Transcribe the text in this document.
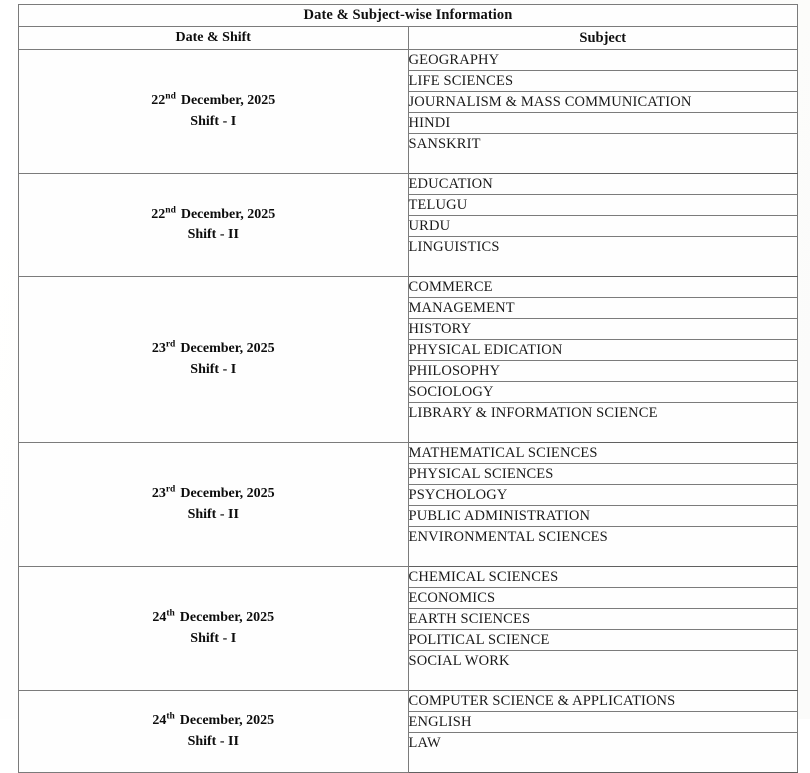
Date & Subject-wise Information	
Date & Shift	Subject

22nd December, 2025
Shift - I	GEOGRAPHY
	LIFE SCIENCES
	JOURNALISM & MASS COMMUNICATION
	HINDI

	SANSKRIT

22nd December, 2025
Shift - II	EDUCATION
	TELUGU
	URDU

	LINGUISTICS

23rd December, 2025
Shift - I	COMMERCE
	MANAGEMENT
	HISTORY
	PHYSICAL EDICATION
	PHILOSOPHY
	SOCIOLOGY

	LIBRARY & INFORMATION SCIENCE

23rd December, 2025
Shift - II	MATHEMATICAL SCIENCES
	PHYSICAL SCIENCES
	PSYCHOLOGY
	PUBLIC ADMINISTRATION

	ENVIRONMENTAL SCIENCES

24th December, 2025
Shift - I	CHEMICAL SCIENCES
	ECONOMICS
	EARTH SCIENCES
	POLITICAL SCIENCE

	SOCIAL WORK

24th December, 2025
Shift - II	COMPUTER SCIENCE & APPLICATIONS
	ENGLISH

	LAW
